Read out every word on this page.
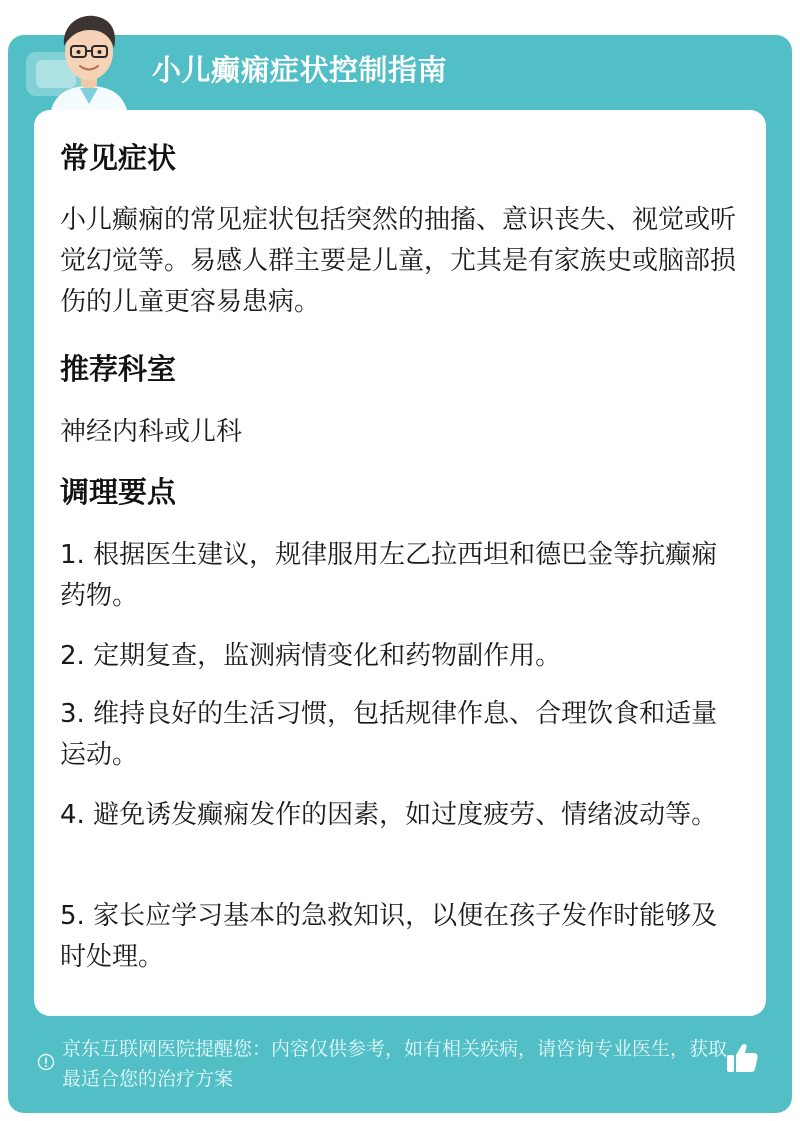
小儿癫痫症状控制指南
常见症状
小儿癫痫的常见症状包括突然的抽搐、意识丧失、视觉或听觉幻觉等。易感人群主要是儿童，尤其是有家族史或脑部损伤的儿童更容易患病。
推荐科室
神经内科或儿科
调理要点
1. 根据医生建议，规律服用左乙拉西坦和德巴金等抗癫痫药物。
2. 定期复查，监测病情变化和药物副作用。
3. 维持良好的生活习惯，包括规律作息、合理饮食和适量运动。
4. 避免诱发癫痫发作的因素，如过度疲劳、情绪波动等。
5. 家长应学习基本的急救知识，以便在孩子发作时能够及时处理。
京东互联网医院提醒您：内容仅供参考，如有相关疾病，请咨询专业医生，获取最适合您的治疗方案
